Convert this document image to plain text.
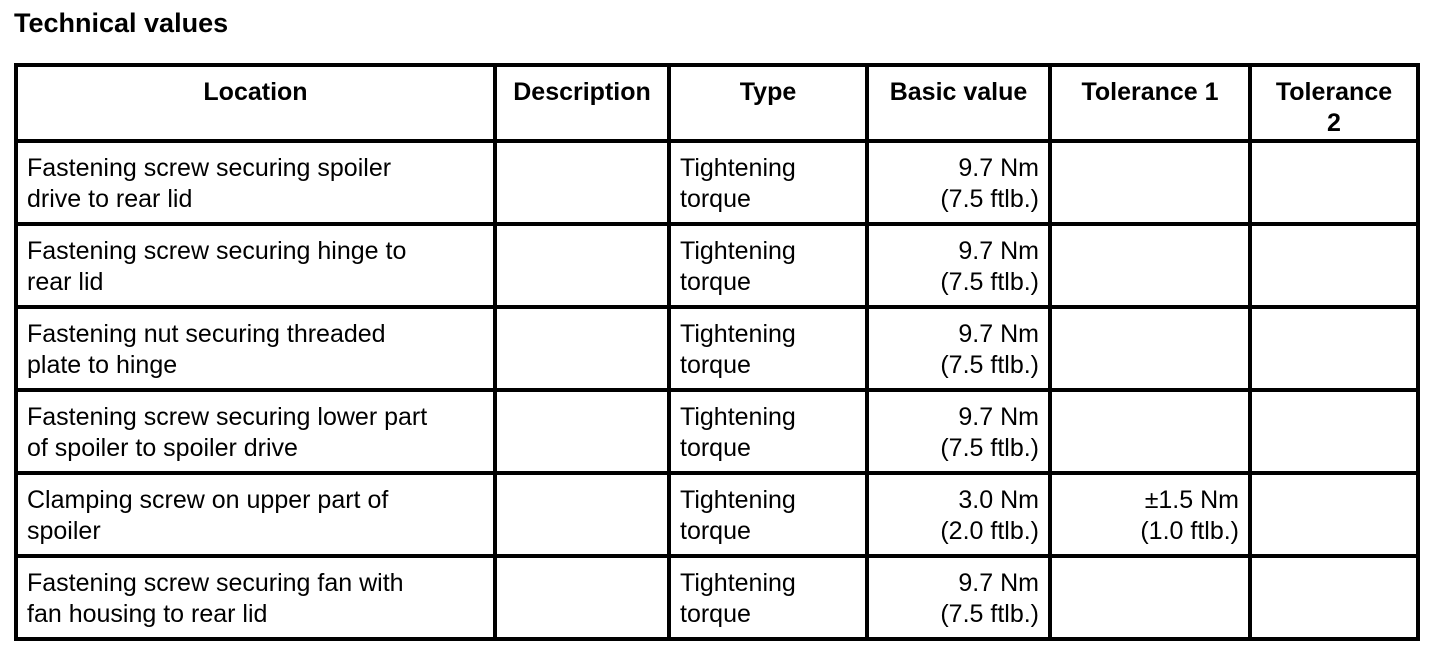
Technical values
Location	Description	Type	Basic value	Tolerance 1	Tolerance
2

Fastening screw securing spoiler
drive to rear lid		Tightening
torque	9.7 Nm
(7.5 ftlb.)		

Fastening screw securing hinge to
rear lid		Tightening
torque	9.7 Nm
(7.5 ftlb.)		

Fastening nut securing threaded
plate to hinge		Tightening
torque	9.7 Nm
(7.5 ftlb.)		

Fastening screw securing lower part
of spoiler to spoiler drive		Tightening
torque	9.7 Nm
(7.5 ftlb.)		

Clamping screw on upper part of
spoiler		Tightening
torque	3.0 Nm
(2.0 ftlb.)	±1.5 Nm
(1.0 ftlb.)	

Fastening screw securing fan with
fan housing to rear lid		Tightening
torque	9.7 Nm
(7.5 ftlb.)		
